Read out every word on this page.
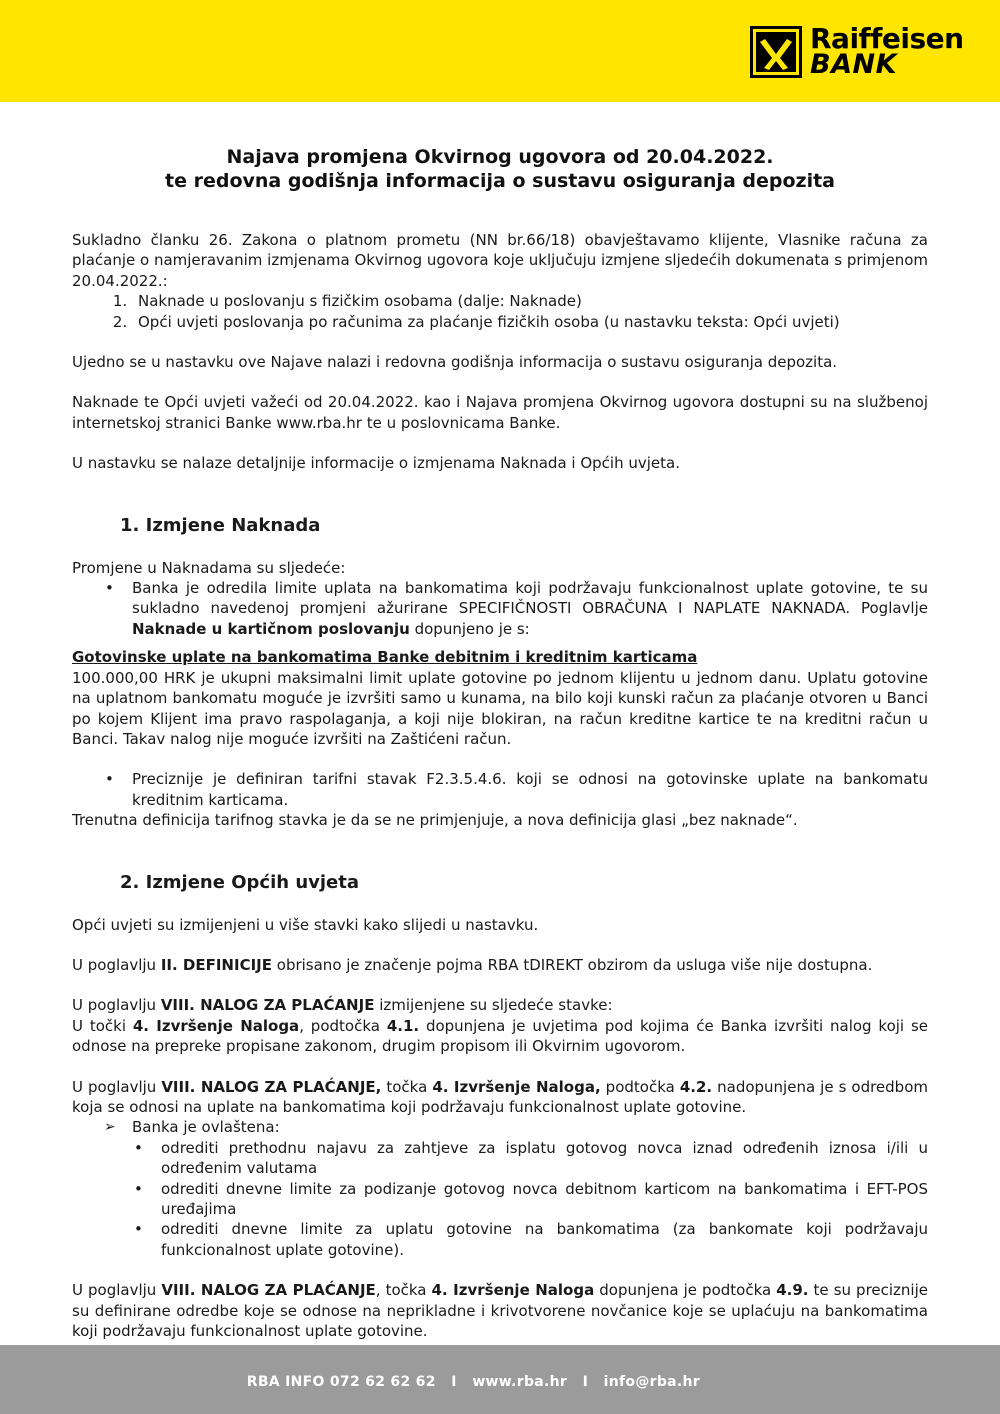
Raiffeisen
BANK
Najava promjena Okvirnog ugovora od 20.04.2022.
te redovna godišnja informacija o sustavu osiguranja depozita

Sukladno članku 26. Zakona o platnom prometu (NN br.66/18) obavještavamo klijente, Vlasnike računa za plaćanje o namjeravanim izmjenama Okvirnog ugovora koje uključuju izmjene sljedećih dokumenata s primjenom 20.04.2022.:

1. Naknade u poslovanju s fizičkim osobama (dalje: Naknade)
2. Opći uvjeti poslovanja po računima za plaćanje fizičkih osoba (u nastavku teksta: Opći uvjeti)

Ujedno se u nastavku ove Najave nalazi i redovna godišnja informacija o sustavu osiguranja depozita.

Naknade te Opći uvjeti važeći od 20.04.2022. kao i Najava promjena Okvirnog ugovora dostupni su na službenoj internetskoj stranici Banke www.rba.hr te u poslovnicama Banke.

U nastavku se nalaze detaljnije informacije o izmjenama Naknada i Općih uvjeta.

1. Izmjene Naknada

Promjene u Naknadama su sljedeće:

• Banka je odredila limite uplata na bankomatima koji podržavaju funkcionalnost uplate gotovine, te su sukladno navedenoj promjeni ažurirane SPECIFIČNOSTI OBRAČUNA I NAPLATE NAKNADA. Poglavlje Naknade u kartičnom poslovanju dopunjeno je s:

Gotovinske uplate na bankomatima Banke debitnim i kreditnim karticama

100.000,00 HRK je ukupni maksimalni limit uplate gotovine po jednom klijentu u jednom danu. Uplatu gotovine na uplatnom bankomatu moguće je izvršiti samo u kunama, na bilo koji kunski račun za plaćanje otvoren u Banci po kojem Klijent ima pravo raspolaganja, a koji nije blokiran, na račun kreditne kartice te na kreditni račun u Banci. Takav nalog nije moguće izvršiti na Zaštićeni račun.

• Preciznije je definiran tarifni stavak F2.3.5.4.6. koji se odnosi na gotovinske uplate na bankomatu kreditnim karticama.

Trenutna definicija tarifnog stavka je da se ne primjenjuje, a nova definicija glasi „bez naknade“.

2. Izmjene Općih uvjeta

Opći uvjeti su izmijenjeni u više stavki kako slijedi u nastavku.

U poglavlju II. DEFINICIJE obrisano je značenje pojma RBA tDIREKT obzirom da usluga više nije dostupna.

U poglavlju VIII. NALOG ZA PLAĆANJE izmijenjene su sljedeće stavke:

U točki 4. Izvršenje Naloga, podtočka 4.1. dopunjena je uvjetima pod kojima će Banka izvršiti nalog koji se odnose na prepreke propisane zakonom, drugim propisom ili Okvirnim ugovorom.

U poglavlju VIII. NALOG ZA PLAĆANJE, točka 4. Izvršenje Naloga, podtočka 4.2. nadopunjena je s odredbom koja se odnosi na uplate na bankomatima koji podržavaju funkcionalnost uplate gotovine.

➢ Banka je ovlaštena:
• odrediti prethodnu najavu za zahtjeve za isplatu gotovog novca iznad određenih iznosa i/ili u određenim valutama
• odrediti dnevne limite za podizanje gotovog novca debitnom karticom na bankomatima i EFT-POS uređajima
• odrediti dnevne limite za uplatu gotovine na bankomatima (za bankomate koji podržavaju funkcionalnost uplate gotovine).

U poglavlju VIII. NALOG ZA PLAĆANJE, točka 4. Izvršenje Naloga dopunjena je podtočka 4.9. te su preciznije su definirane odredbe koje se odnose na neprikladne i krivotvorene novčanice koje se uplaćuju na bankomatima koji podržavaju funkcionalnost uplate gotovine.

RBA INFO 072 62 62 62   I   www.rba.hr   I   info@rba.hr
